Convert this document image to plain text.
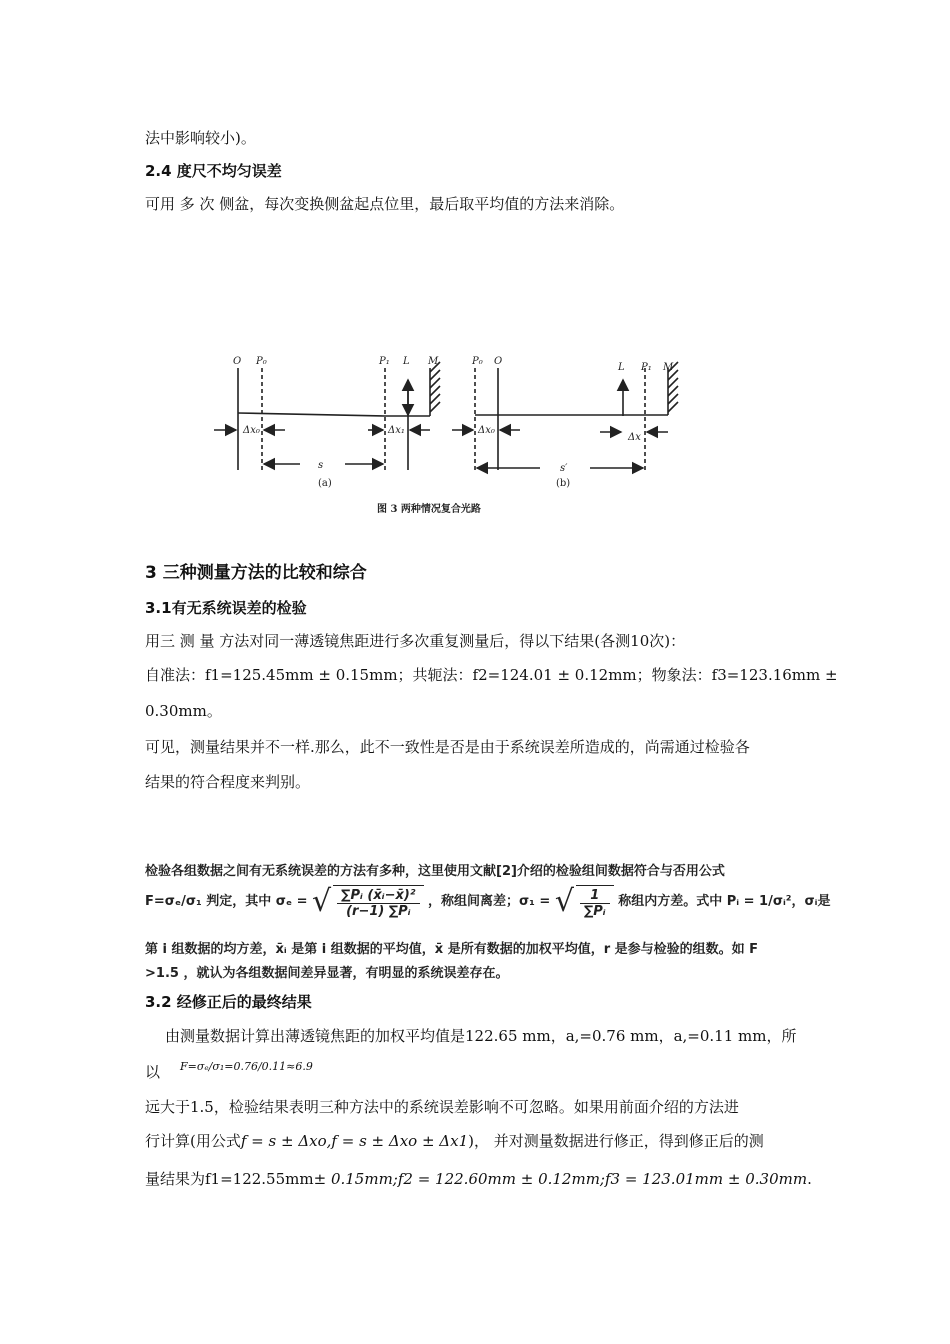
法中影响较小)。
2.4 度尺不均匀误差
可用 多 次 侧盆，每次变换侧盆起点位里，最后取平均值的方法来消除。
O P₀	P₁ L M
Δx₀	Δx₁
s
(a)
P₀ O
L P₁ M
Δx₀
Δx
s′
(b)
图 3 两种情况复合光路
3 三种测量方法的比较和综合
3.1有无系统误差的检验
用三 测 量 方法对同一薄透镜焦距进行多次重复测量后，得以下结果(各测10次)：
自准法：f1=125.45mm ± 0.15mm；共轭法：f2=124.01 ± 0.12mm；物象法：f3=123.16mm ±
0.30mm。
可见，测量结果并不一样.那么，此不一致性是否是由于系统误差所造成的，尚需通过检验各
结果的符合程度来判别。
检验各组数据之间有无系统误差的方法有多种，这里使用文献[2]介绍的检验组间数据符合与否用公式
F=σₑ/σ₁ 判定，其中 σₑ = √ $\frac{\text{∑Pᵢ (x̄ᵢ−x̄)²}}{\text{(r−1) ∑Pᵢ}}$ ，称组间离差；σ₁ = √ $\frac{1}{\text{∑Pᵢ}}$ 称组内方差。式中 Pᵢ = 1/σᵢ²，σᵢ是
第 i 组数据的均方差，x̄ᵢ 是第 i 组数据的平均值，x̄ 是所有数据的加权平均值，r 是参与检验的组数。如 F
>1.5 ，就认为各组数据间差异显著，有明显的系统误差存在。
3.2 经修正后的最终结果
由测量数据计算出薄透镜焦距的加权平均值是122.65 mm，a,=0.76 mm，a,=0.11 mm，所
以 F=σₑ/σ₁=0.76/0.11≈6.9
远大于1.5，检验结果表明三种方法中的系统误差影响不可忽略。如果用前面介绍的方法进
行计算(用公式f = s ± Δxo,f = s ± Δxo ± Δx1)， 并对测量数据进行修正，得到修正后的测
量结果为f1=122.55mm± 0.15mm;f2 = 122.60mm ± 0.12mm;f3 = 123.01mm ± 0.30mm.
